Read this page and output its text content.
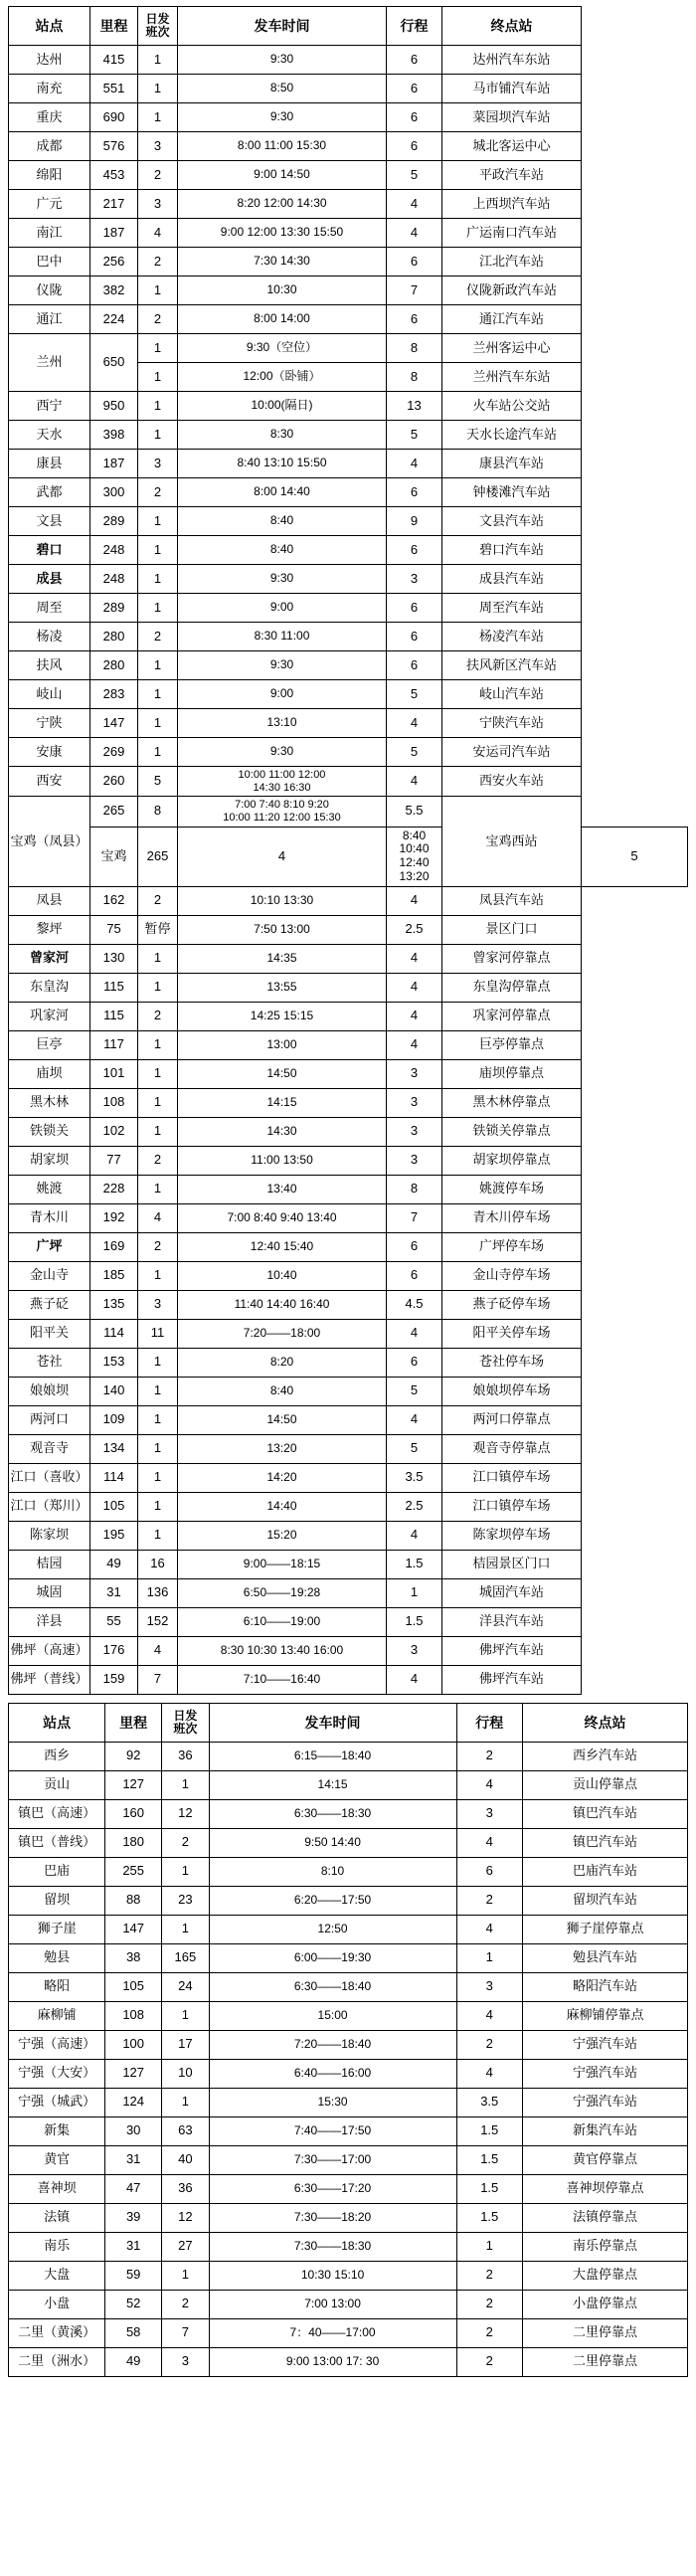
站点	里程	日发
班次	发车时间	行程	终点站	
达州	415	1	9:30	6	达州汽车东站	
南充	551	1	8:50	6	马市铺汽车站	
重庆	690	1	9:30	6	菜园坝汽车站	
成都	576	3	8:00 11:00 15:30	6	城北客运中心	
绵阳	453	2	9:00 14:50	5	平政汽车站	
广元	217	3	8:20 12:00 14:30	4	上西坝汽车站	
南江	187	4	9:00 12:00 13:30 15:50	4	广运南口汽车站	
巴中	256	2	7:30 14:30	6	江北汽车站	
仪陇	382	1	10:30	7	仪陇新政汽车站	
通江	224	2	8:00 14:00	6	通江汽车站	
兰州	650	1	9:30（空位）	8	兰州客运中心	
		1	12:00（卧铺）	8	兰州汽车东站	
西宁	950	1	10:00(隔日)	13	火车站公交站	
天水	398	1	8:30	5	天水长途汽车站	
康县	187	3	8:40 13:10 15:50	4	康县汽车站	
武都	300	2	8:00 14:40	6	钟楼滩汽车站	
文县	289	1	8:40	9	文县汽车站	
碧口	248	1	8:40	6	碧口汽车站	
成县	248	1	9:30	3	成县汽车站	
周至	289	1	9:00	6	周至汽车站	
杨凌	280	2	8:30 11:00	6	杨凌汽车站	
扶风	280	1	9:30	6	扶风新区汽车站	
岐山	283	1	9:00	5	岐山汽车站	
宁陕	147	1	13:10	4	宁陕汽车站	
安康	269	1	9:30	5	安运司汽车站	
西安	260	5	10:00 11:00 12:00
14:30 16:30	4	西安火车站	
宝鸡（凤县）	265	8	7:00 7:40 8:10 9:20
10:00 11:20 12:00 15:30	5.5	宝鸡西站	
	宝鸡	265	4	8:40 10:40 12:40 13:20		5
凤县	162	2	10:10 13:30	4	凤县汽车站	
黎坪	75	暂停	7:50 13:00	2.5	景区门口	
曾家河	130	1	14:35	4	曾家河停靠点	
东皇沟	115	1	13:55	4	东皇沟停靠点	
巩家河	115	2	14:25 15:15	4	巩家河停靠点	
巨亭	117	1	13:00	4	巨亭停靠点	
庙坝	101	1	14:50	3	庙坝停靠点	
黑木林	108	1	14:15	3	黑木林停靠点	
铁锁关	102	1	14:30	3	铁锁关停靠点	
胡家坝	77	2	11:00 13:50	3	胡家坝停靠点	
姚渡	228	1	13:40	8	姚渡停车场	
青木川	192	4	7:00 8:40 9:40 13:40	7	青木川停车场	
广坪	169	2	12:40 15:40	6	广坪停车场	
金山寺	185	1	10:40	6	金山寺停车场	
燕子砭	135	3	11:40 14:40 16:40	4.5	燕子砭停车场	
阳平关	114	11	7:20——18:00	4	阳平关停车场	
苍社	153	1	8:20	6	苍社停车场	
娘娘坝	140	1	8:40	5	娘娘坝停车场	
两河口	109	1	14:50	4	两河口停靠点	
观音寺	134	1	13:20	5	观音寺停靠点	
江口（喜收）	114	1	14:20	3.5	江口镇停车场	
江口（郑川）	105	1	14:40	2.5	江口镇停车场	
陈家坝	195	1	15:20	4	陈家坝停车场	
桔园	49	16	9:00——18:15	1.5	桔园景区门口	
城固	31	136	6:50——19:28	1	城固汽车站	
洋县	55	152	6:10——19:00	1.5	洋县汽车站	
佛坪（高速）	176	4	8:30 10:30 13:40 16:00	3	佛坪汽车站	
佛坪（普线）	159	7	7:10——16:40	4	佛坪汽车站	
站点	里程	日发
班次	发车时间	行程	终点站
西乡	92	36	6:15——18:40	2	西乡汽车站
贡山	127	1	14:15	4	贡山停靠点
镇巴（高速）	160	12	6:30——18:30	3	镇巴汽车站
镇巴（普线）	180	2	9:50 14:40	4	镇巴汽车站
巴庙	255	1	8:10	6	巴庙汽车站
留坝	88	23	6:20——17:50	2	留坝汽车站
狮子崖	147	1	12:50	4	狮子崖停靠点
勉县	38	165	6:00——19:30	1	勉县汽车站
略阳	105	24	6:30——18:40	3	略阳汽车站
麻柳铺	108	1	15:00	4	麻柳铺停靠点
宁强（高速）	100	17	7:20——18:40	2	宁强汽车站
宁强（大安）	127	10	6:40——16:00	4	宁强汽车站
宁强（城武）	124	1	15:30	3.5	宁强汽车站
新集	30	63	7:40——17:50	1.5	新集汽车站
黄官	31	40	7:30——17:00	1.5	黄官停靠点
喜神坝	47	36	6:30——17:20	1.5	喜神坝停靠点
法镇	39	12	7:30——18:20	1.5	法镇停靠点
南乐	31	27	7:30——18:30	1	南乐停靠点
大盘	59	1	10:30 15:10	2	大盘停靠点
小盘	52	2	7:00 13:00	2	小盘停靠点
二里（黄溪）	58	7	7：40——17:00	2	二里停靠点
二里（洲水）	49	3	9:00 13:00 17: 30	2	二里停靠点
